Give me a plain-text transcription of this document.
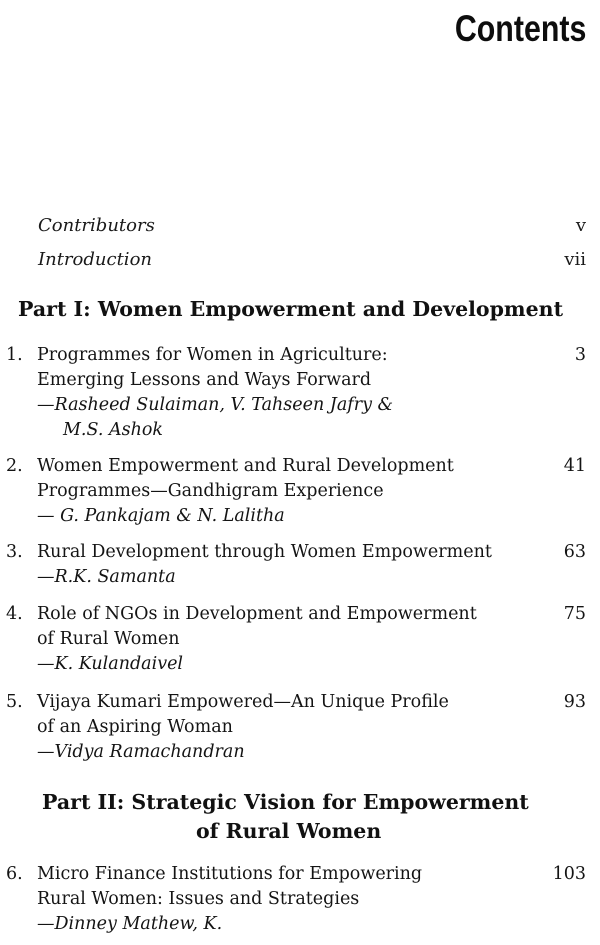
Contents
Contributors	v
Introduction	vii
Part I: Women Empowerment and Development
1. Programmes for Women in Agriculture:
Emerging Lessons and Ways Forward
—Rasheed Sulaiman, V. Tahseen Jafry &
M.S. Ashok
3
2. Women Empowerment and Rural Development
Programmes—Gandhigram Experience
— G. Pankajam & N. Lalitha
41
3. Rural Development through Women Empowerment
—R.K. Samanta
63
4. Role of NGOs in Development and Empowerment
of Rural Women
—K. Kulandaivel
75
5. Vijaya Kumari Empowered—An Unique Profile
of an Aspiring Woman
—Vidya Ramachandran
93
Part II: Strategic Vision for Empowerment
of Rural Women
6. Micro Finance Institutions for Empowering
Rural Women: Issues and Strategies
—Dinney Mathew, K.
103
